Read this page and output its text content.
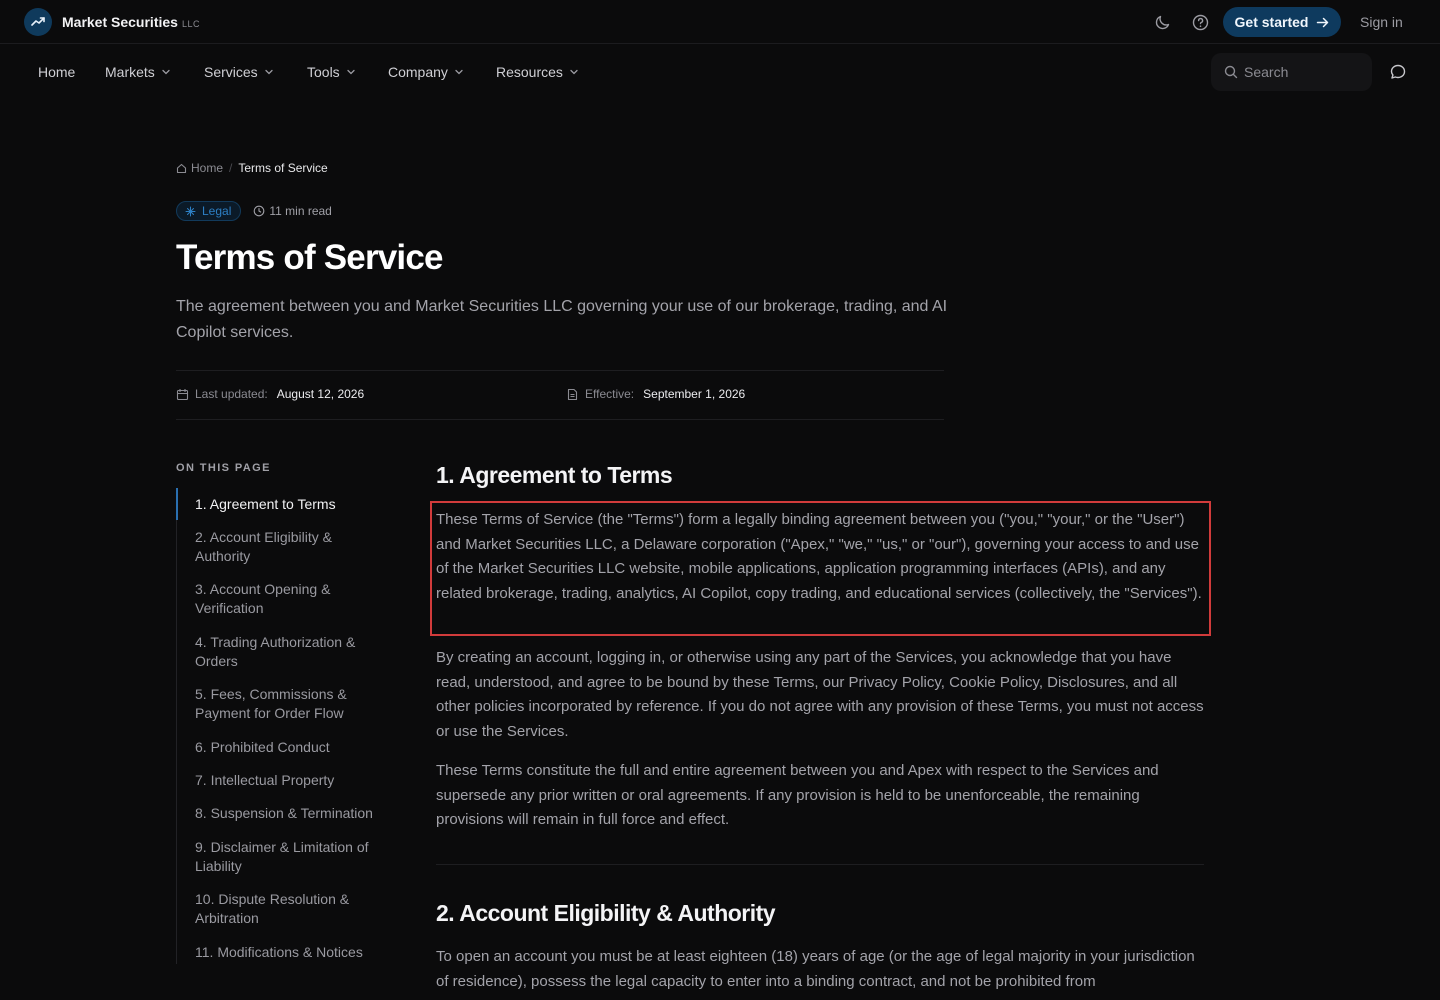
Market Securities LLC	Get started	Sign in
Home Markets	Services	Tools	Company	Resources	Search
Home / Terms of Service
Legal	11 min read
Terms of Service

The agreement between you and Market Securities LLC governing your use of our brokerage, trading, and AI Copilot services.

Last updated: August 12, 2026	Effective: September 1, 2026
ON THIS PAGE
1. Agreement to Terms
2. Account Eligibility & Authority
3. Account Opening & Verification
4. Trading Authorization & Orders
5. Fees, Commissions & Payment for Order Flow
6. Prohibited Conduct
7. Intellectual Property
8. Suspension & Termination
9. Disclaimer & Limitation of Liability
10. Dispute Resolution & Arbitration
11. Modifications & Notices
1. Agreement to Terms

These Terms of Service (the "Terms") form a legally binding agreement between you ("you," "your," or the "User") and Market Securities LLC, a Delaware corporation ("Apex," "we," "us," or "our"), governing your access to and use of the Market Securities LLC website, mobile applications, application programming interfaces (APIs), and any related brokerage, trading, analytics, AI Copilot, copy trading, and educational services (collectively, the "Services").

By creating an account, logging in, or otherwise using any part of the Services, you acknowledge that you have read, understood, and agree to be bound by these Terms, our Privacy Policy, Cookie Policy, Disclosures, and all other policies incorporated by reference. If you do not agree with any provision of these Terms, you must not access or use the Services.

These Terms constitute the full and entire agreement between you and Apex with respect to the Services and supersede any prior written or oral agreements. If any provision is held to be unenforceable, the remaining provisions will remain in full force and effect.

2. Account Eligibility & Authority

To open an account you must be at least eighteen (18) years of age (or the age of legal majority in your jurisdiction of residence), possess the legal capacity to enter into a binding contract, and not be prohibited from
